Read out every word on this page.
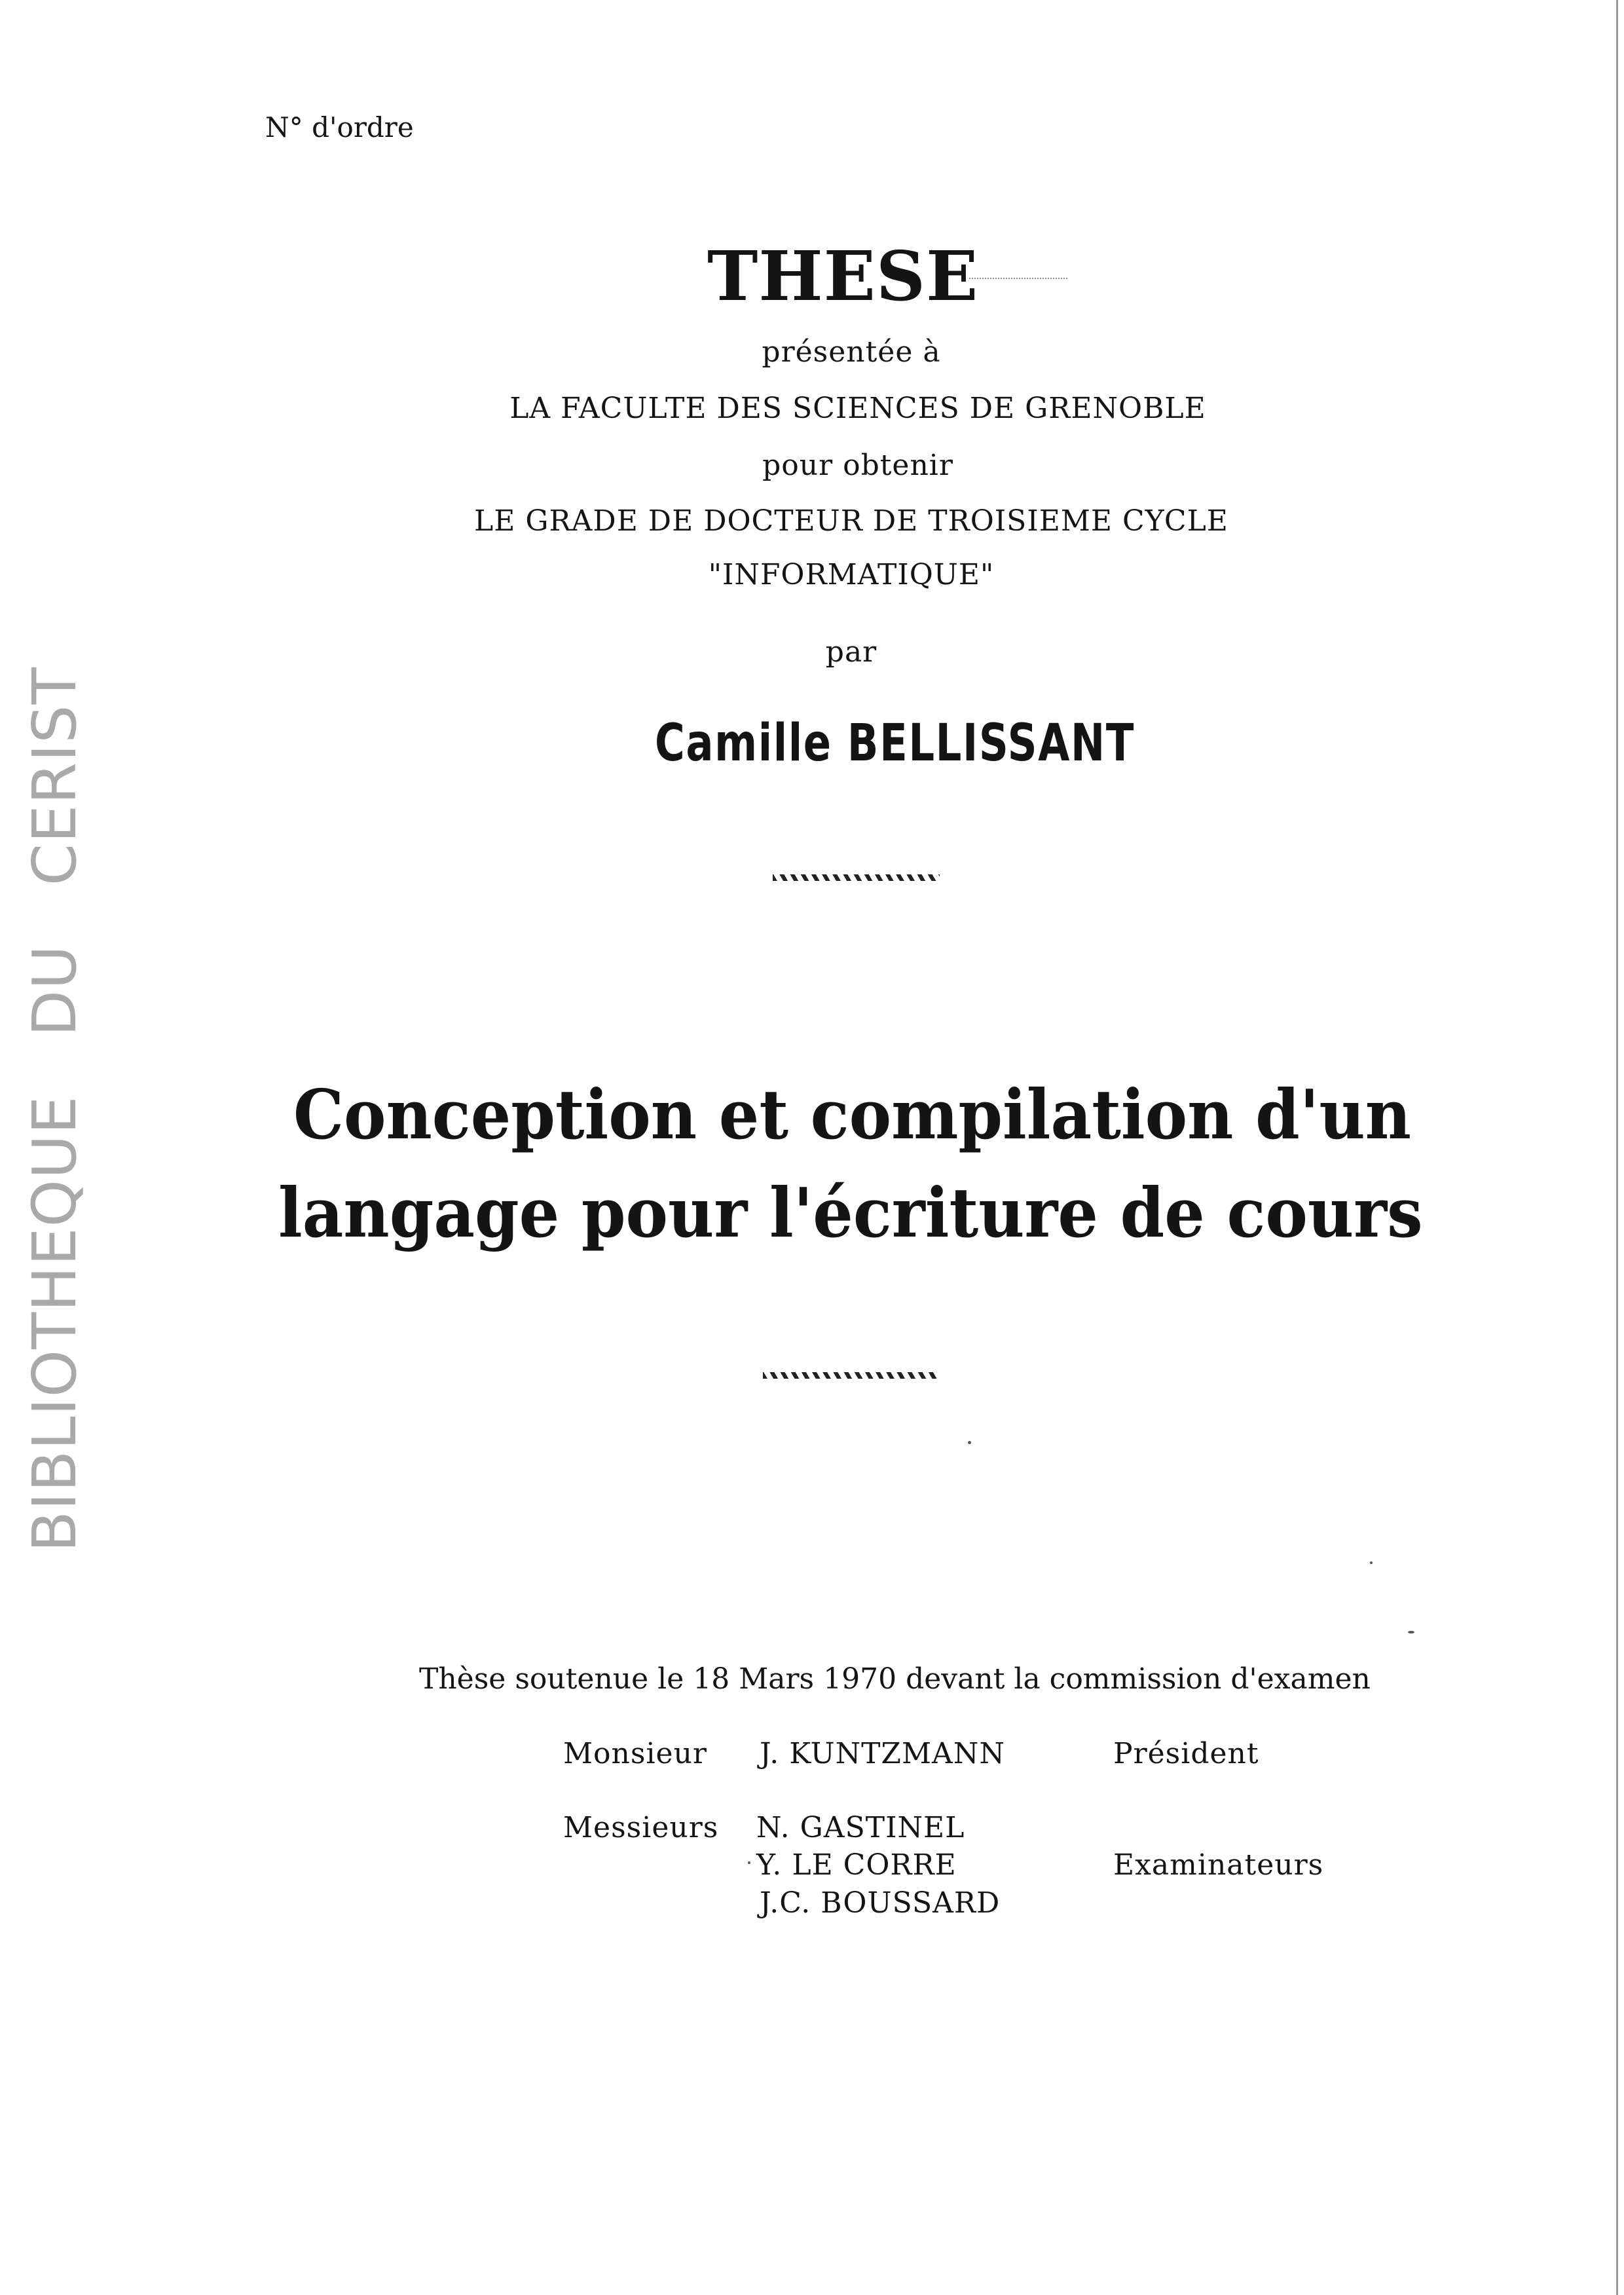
N° d'ordre
THESE
présentée à
LA FACULTE DES SCIENCES DE GRENOBLE
pour obtenir
LE GRADE DE DOCTEUR DE TROISIEME CYCLE
"INFORMATIQUE"
par
Camille BELLISSANT
Conception et compilation d'un
langage pour l'écriture de cours
Thèse soutenue le 18 Mars 1970 devant la commission d'examen
Monsieur J. KUNTZMANN	Président
Messieurs N. GASTINEL
Y. LE CORRE
J.C. BOUSSARD
Examinateurs
BIBLIOTHEQUEDUCERIST
